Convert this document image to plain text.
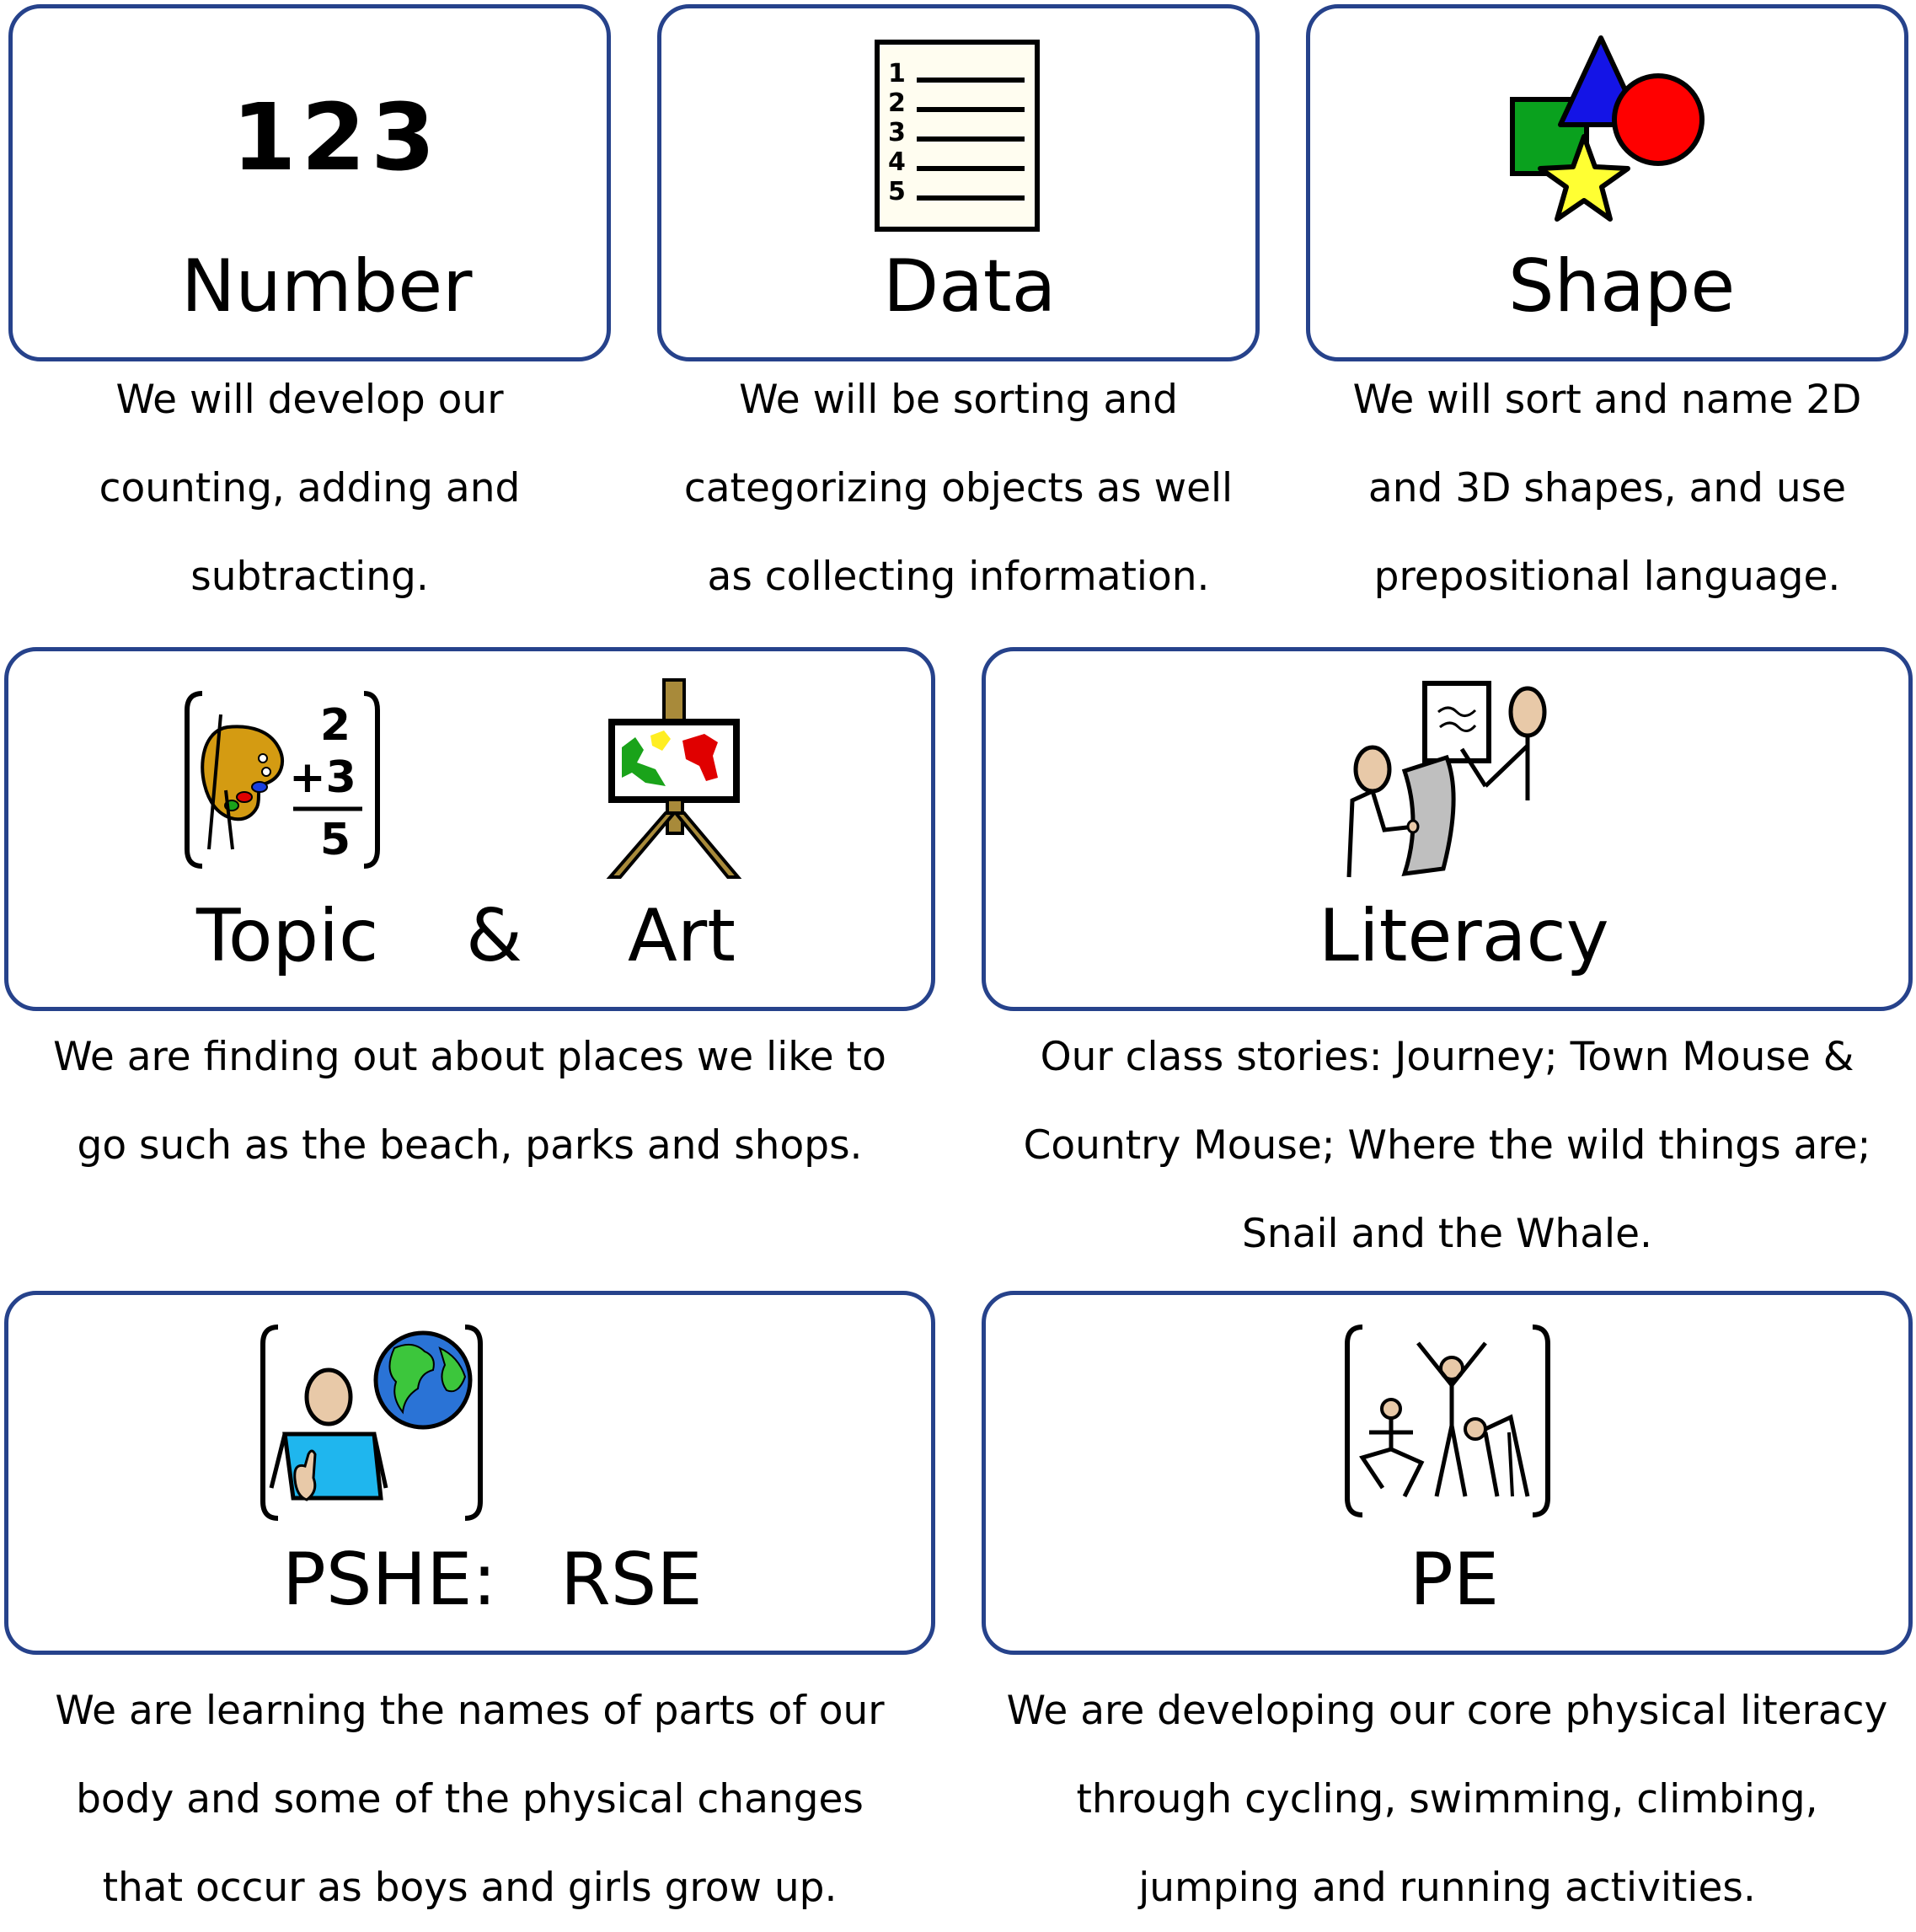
123
Number
We will develop our
counting, adding and
subtracting.
1
2
3
4
5
Data
We will be sorting and
categorizing objects as well
as collecting information.
Shape
We will sort and name 2D
and 3D shapes, and use
prepositional language.
2
+3
5
Topic & Art
We are finding out about places we like to
go such as the beach, parks and shops.
Literacy
Our class stories: Journey; Town Mouse &
Country Mouse; Where the wild things are;
Snail and the Whale.
PSHE: RSE
We are learning the names of parts of our
body and some of the physical changes
that occur as boys and girls grow up.
PE
We are developing our core physical literacy
through cycling, swimming, climbing,
jumping and running activities.
